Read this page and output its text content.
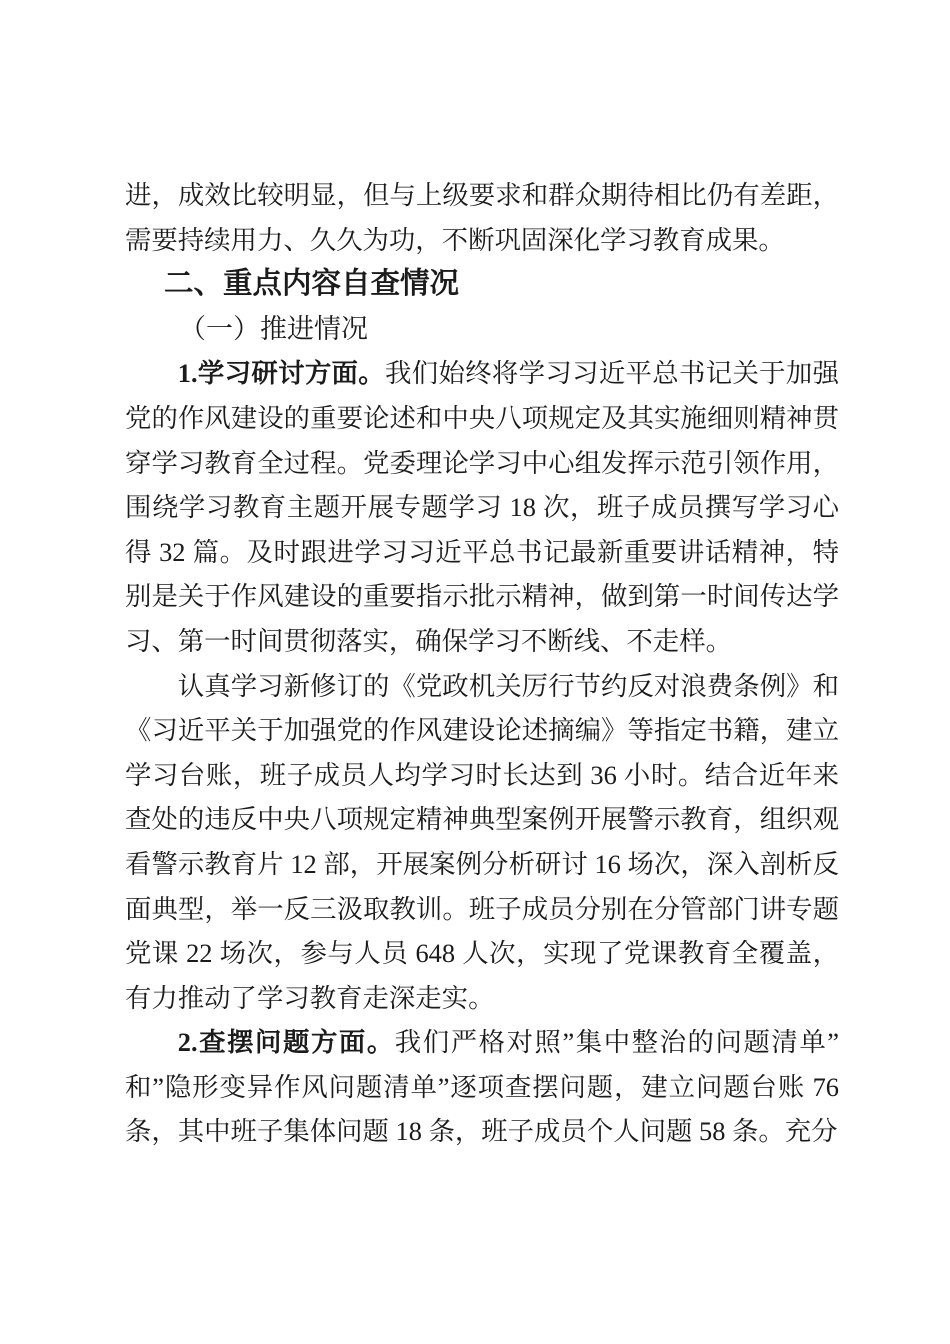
进，成效比较明显，但与上级要求和群众期待相比仍有差距，需要持续用力、久久为功，不断巩固深化学习教育成果。

二、重点内容自查情况
（一）推进情况

1.学习研讨方面。我们始终将学习习近平总书记关于加强党的作风建设的重要论述和中央八项规定及其实施细则精神贯穿学习教育全过程。党委理论学习中心组发挥示范引领作用，围绕学习教育主题开展专题学习 18 次，班子成员撰写学习心得 32 篇。及时跟进学习习近平总书记最新重要讲话精神，特别是关于作风建设的重要指示批示精神，做到第一时间传达学习、第一时间贯彻落实，确保学习不断线、不走样。

认真学习新修订的《党政机关厉行节约反对浪费条例》和《习近平关于加强党的作风建设论述摘编》等指定书籍，建立学习台账，班子成员人均学习时长达到 36 小时。结合近年来查处的违反中央八项规定精神典型案例开展警示教育，组织观看警示教育片 12 部，开展案例分析研讨 16 场次，深入剖析反面典型，举一反三汲取教训。班子成员分别在分管部门讲专题党课 22 场次，参与人员 648 人次，实现了党课教育全覆盖，有力推动了学习教育走深走实。

2.查摆问题方面。我们严格对照”集中整治的问题清单”和”隐形变异作风问题清单”逐项查摆问题，建立问题台账 76 条，其中班子集体问题 18 条，班子成员个人问题 58 条。充分
